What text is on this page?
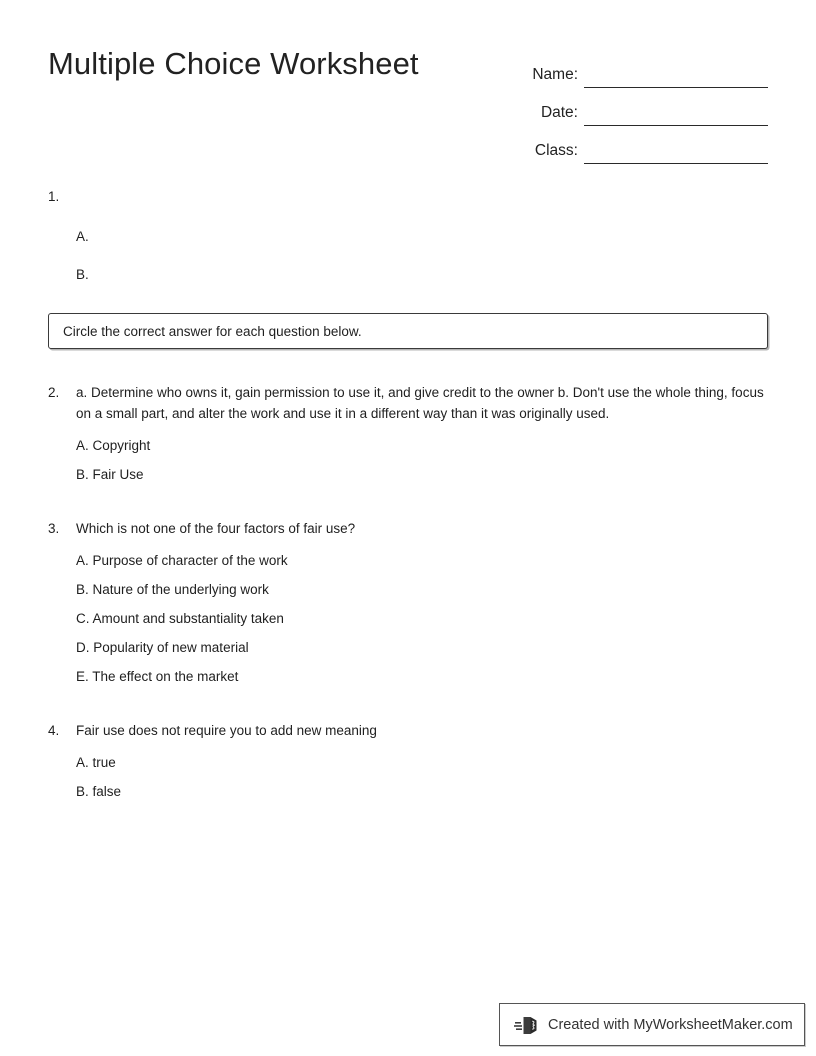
Multiple Choice Worksheet	Name:
Date:
Class:
1.
A.
B.
Circle the correct answer for each question below.
2.	a. Determine who owns it, gain permission to use it, and give credit to the owner b. Don't use the whole thing, focus on a small part, and alter the work and use it in a different way than it was originally used.
A. Copyright
B. Fair Use
3.	Which is not one of the four factors of fair use?
A. Purpose of character of the work
B. Nature of the underlying work
C. Amount and substantiality taken
D. Popularity of new material
E. The effect on the market
4.	Fair use does not require you to add new meaning
A. true
B. false
Created with MyWorksheetMaker.com
